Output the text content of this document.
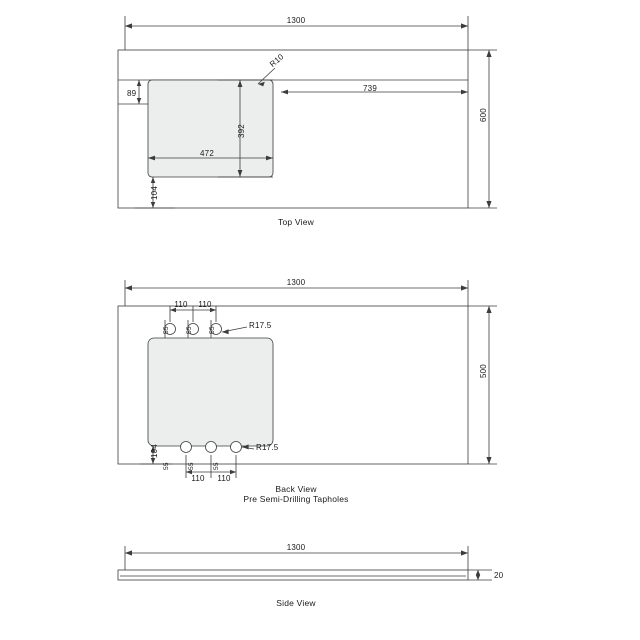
1300
600
89
739
472
392
104
R10
Top View
1300
500
110 110
110 110
R17.5
R17.5
55 55 55
55	55	55
104
Back View
Pre Semi-Drilling Tapholes
1300
20
Side View
